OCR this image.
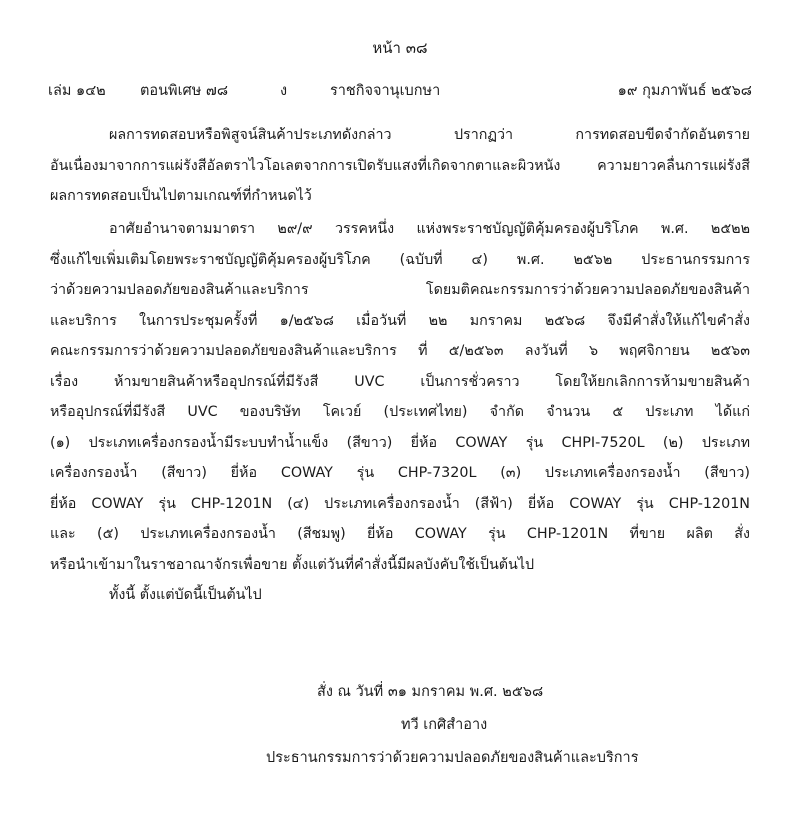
หน้า ๓๘
เล่ม ๑๔๒ ตอนพิเศษ ๗๘	ง	ราชกิจจานุเบกษา	๑๙ กุมภาพันธ์ ๒๕๖๘
ผลการทดสอบหรือพิสูจน์สินค้าประเภทดังกล่าว ปรากฏว่า การทดสอบขีดจำกัดอันตราย
อันเนื่องมาจากการแผ่รังสีอัลตราไวโอเลตจากการเปิดรับแสงที่เกิดจากตาและผิวหนัง ความยาวคลื่นการแผ่รังสี
ผลการทดสอบเป็นไปตามเกณฑ์ที่กำหนดไว้
อาศัยอำนาจตามมาตรา ๒๙/๙ วรรคหนึ่ง แห่งพระราชบัญญัติคุ้มครองผู้บริโภค พ.ศ. ๒๕๒๒
ซึ่งแก้ไขเพิ่มเติมโดยพระราชบัญญัติคุ้มครองผู้บริโภค (ฉบับที่ ๔) พ.ศ. ๒๕๖๒ ประธานกรรมการ
ว่าด้วยความปลอดภัยของสินค้าและบริการ โดยมติคณะกรรมการว่าด้วยความปลอดภัยของสินค้า
และบริการ ในการประชุมครั้งที่ ๑/๒๕๖๘ เมื่อวันที่ ๒๒ มกราคม ๒๕๖๘ จึงมีคำสั่งให้แก้ไขคำสั่ง
คณะกรรมการว่าด้วยความปลอดภัยของสินค้าและบริการ ที่ ๕/๒๕๖๓ ลงวันที่ ๖ พฤศจิกายน ๒๕๖๓
เรื่อง ห้ามขายสินค้าหรืออุปกรณ์ที่มีรังสี UVC เป็นการชั่วคราว โดยให้ยกเลิกการห้ามขายสินค้า
หรืออุปกรณ์ที่มีรังสี UVC ของบริษัท โคเวย์ (ประเทศไทย) จำกัด จำนวน ๕ ประเภท ได้แก่
(๑) ประเภทเครื่องกรองน้ำมีระบบทำน้ำแข็ง (สีขาว) ยี่ห้อ COWAY รุ่น CHPI-7520L (๒) ประเภท
เครื่องกรองน้ำ (สีขาว) ยี่ห้อ COWAY รุ่น CHP-7320L (๓) ประเภทเครื่องกรองน้ำ (สีขาว)
ยี่ห้อ COWAY รุ่น CHP-1201N (๔) ประเภทเครื่องกรองน้ำ (สีฟ้า) ยี่ห้อ COWAY รุ่น CHP-1201N
และ (๕) ประเภทเครื่องกรองน้ำ (สีชมพู) ยี่ห้อ COWAY รุ่น CHP-1201N ที่ขาย ผลิต สั่ง
หรือนำเข้ามาในราชอาณาจักรเพื่อขาย ตั้งแต่วันที่คำสั่งนี้มีผลบังคับใช้เป็นต้นไป
ทั้งนี้ ตั้งแต่บัดนี้เป็นต้นไป
สั่ง ณ วันที่ ๓๑ มกราคม พ.ศ. ๒๕๖๘
ทวี เกศิสำอาง
ประธานกรรมการว่าด้วยความปลอดภัยของสินค้าและบริการ
